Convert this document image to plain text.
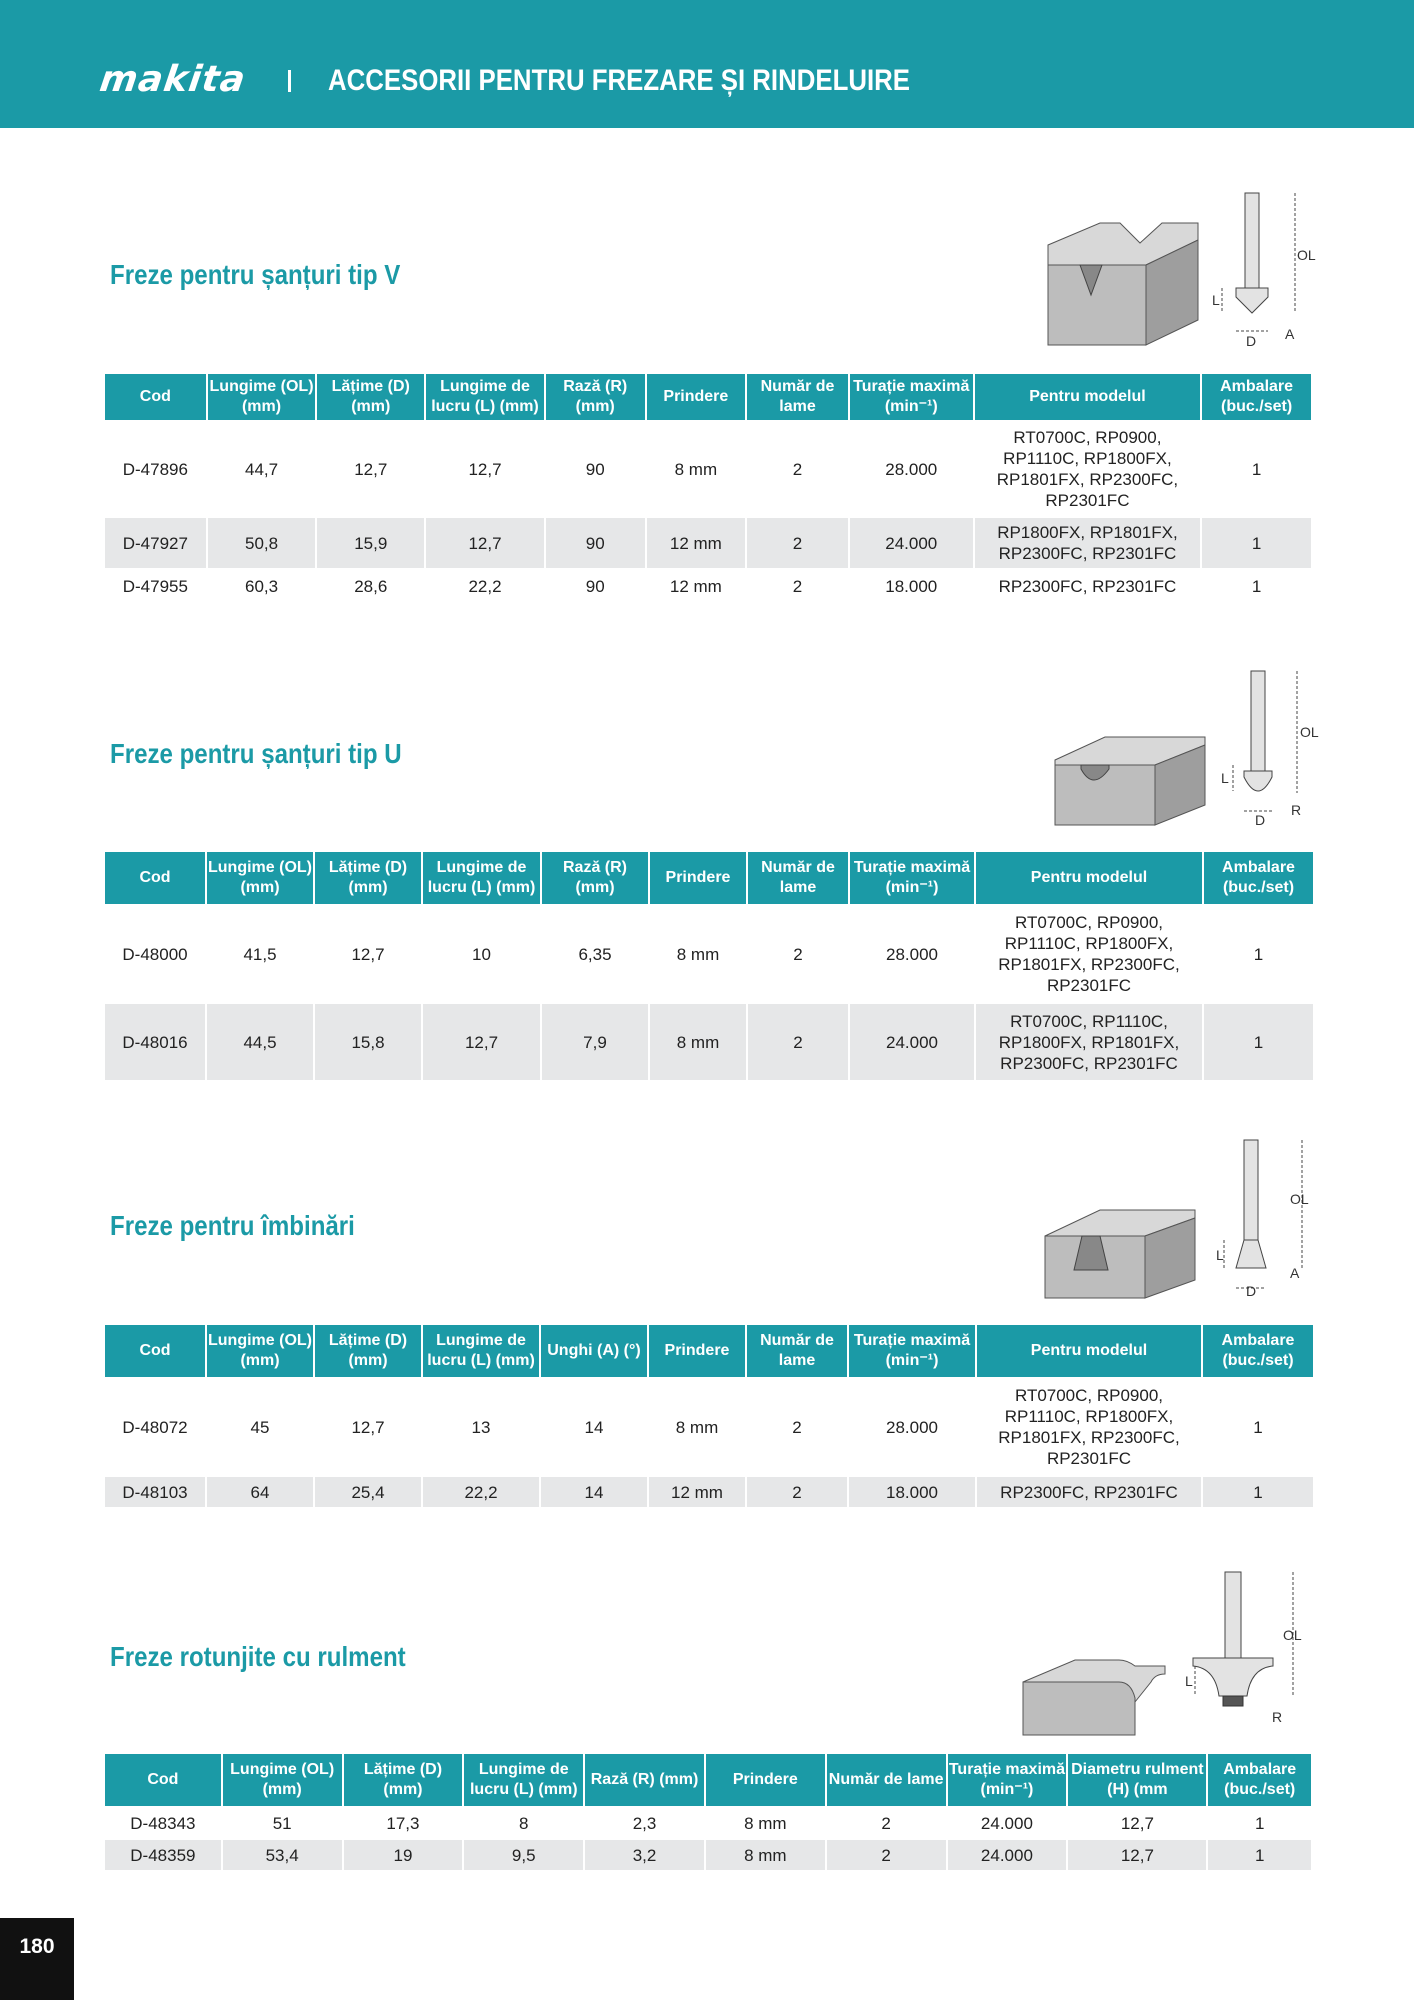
makita	ACCESORII PENTRU FREZARE ȘI RINDELUIRE
Freze pentru șanțuri tip V
OL
L
D A
Cod	Lungime (OL) (mm)	Lățime (D) (mm)	Lungime de lucru (L) (mm)	Rază (R) (mm)	Prindere	Număr de lame	Turație maximă (min⁻¹)	Pentru modelul	Ambalare (buc./set)
D-47896	44,7	12,7	12,7	90	8 mm	2	28.000	RT0700C, RP0900, RP1110C, RP1800FX, RP1801FX, RP2300FC, RP2301FC	1
D-47927	50,8	15,9	12,7	90	12 mm	2	24.000	RP1800FX, RP1801FX, RP2300FC, RP2301FC	1
D-47955	60,3	28,6	22,2	90	12 mm	2	18.000	RP2300FC, RP2301FC	1
Freze pentru șanțuri tip U
OL
L
D
R
Cod	Lungime (OL) (mm)	Lățime (D) (mm)	Lungime de lucru (L) (mm)	Rază (R) (mm)	Prindere	Număr de lame	Turație maximă (min⁻¹)	Pentru modelul	Ambalare (buc./set)
D-48000	41,5	12,7	10	6,35	8 mm	2	28.000	RT0700C, RP0900, RP1110C, RP1800FX, RP1801FX, RP2300FC, RP2301FC	1
D-48016	44,5	15,8	12,7	7,9	8 mm	2	24.000	RT0700C, RP1110C, RP1800FX, RP1801FX, RP2300FC, RP2301FC	1
Freze pentru îmbinări
OL
L
D
A
Cod	Lungime (OL) (mm)	Lățime (D) (mm)	Lungime de lucru (L) (mm)	Unghi (A) (°)	Prindere	Număr de lame	Turație maximă (min⁻¹)	Pentru modelul	Ambalare (buc./set)
D-48072	45	12,7	13	14	8 mm	2	28.000	RT0700C, RP0900, RP1110C, RP1800FX, RP1801FX, RP2300FC, RP2301FC	1
D-48103	64	25,4	22,2	14	12 mm	2	18.000	RP2300FC, RP2301FC	1
Freze rotunjite cu rulment
OL
L
R
Cod	Lungime (OL) (mm)	Lățime (D) (mm)	Lungime de lucru (L) (mm)	Rază (R) (mm)	Prindere	Număr de lame	Turație maximă (min⁻¹)	Diametru rulment (H) (mm	Ambalare (buc./set)
D-48343	51	17,3	8	2,3	8 mm	2	24.000	12,7	1
D-48359	53,4	19	9,5	3,2	8 mm	2	24.000	12,7	1
180
